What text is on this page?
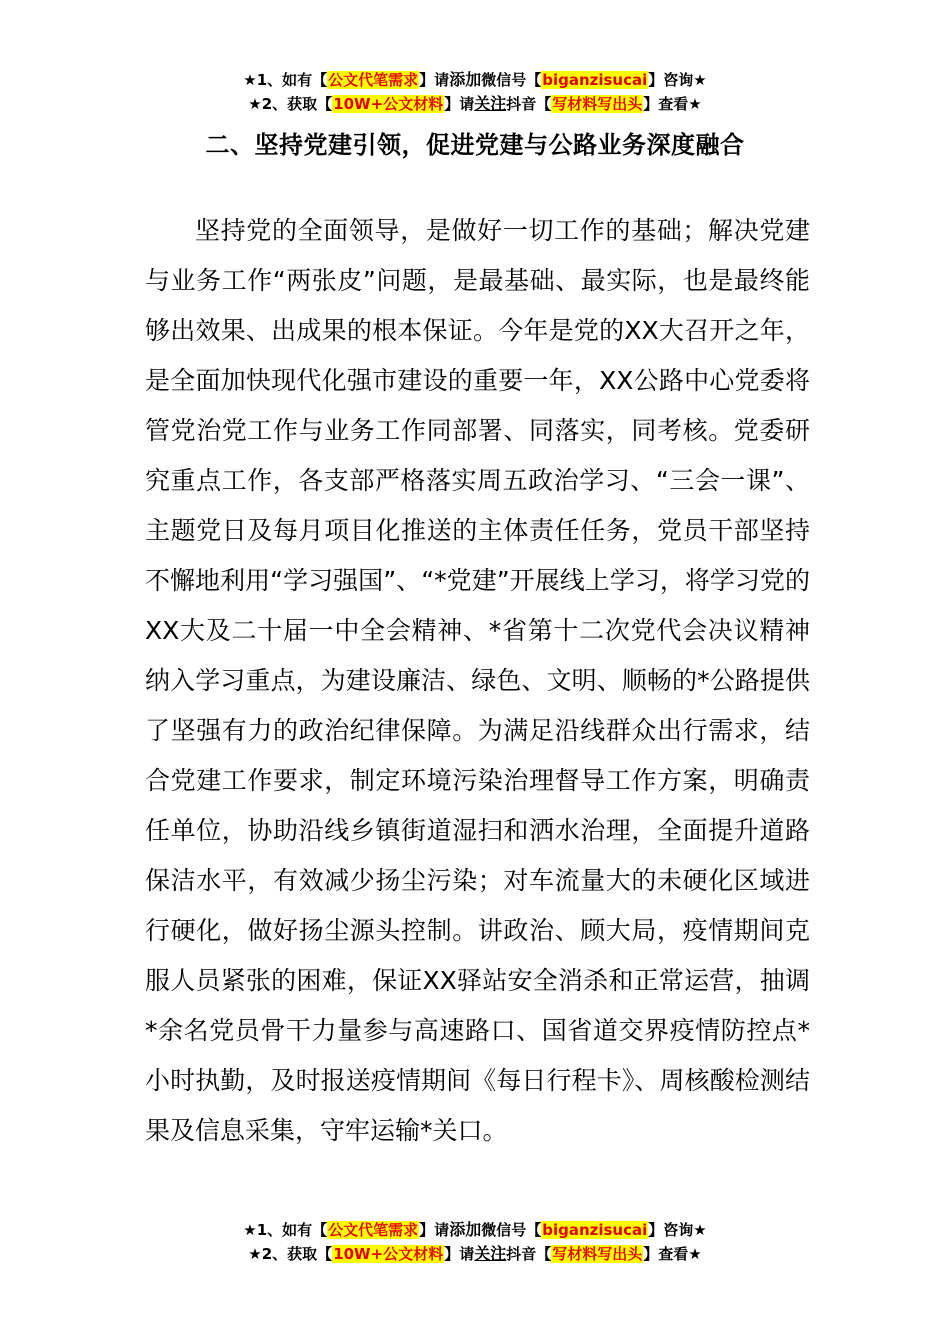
★1、如有【公文代笔需求】请添加微信号【biganzisucai】咨询★
★2、获取【10W+公文材料】请关注抖音【写材料写出头】查看★
二、坚持党建引领，促进党建与公路业务深度融合

坚持党的全面领导，是做好一切工作的基础；解决党建与业务工作“两张皮”问题，是最基础、最实际，也是最终能够出效果、出成果的根本保证。今年是党的XX大召开之年，是全面加快现代化强市建设的重要一年，XX公路中心党委将管党治党工作与业务工作同部署、同落实，同考核。党委研究重点工作，各支部严格落实周五政治学习、“三会一课”、主题党日及每月项目化推送的主体责任任务，党员干部坚持不懈地利用“学习强国”、“*党建”开展线上学习，将学习党的XX大及二十届一中全会精神、*省第十二次党代会决议精神纳入学习重点，为建设廉洁、绿色、文明、顺畅的*公路提供了坚强有力的政治纪律保障。为满足沿线群众出行需求，结合党建工作要求，制定环境污染治理督导工作方案，明确责任单位，协助沿线乡镇街道湿扫和洒水治理，全面提升道路保洁水平，有效减少扬尘污染；对车流量大的未硬化区域进行硬化，做好扬尘源头控制。讲政治、顾大局，疫情期间克服人员紧张的困难，保证XX驿站安全消杀和正常运营，抽调*余名党员骨干力量参与高速路口、国省道交界疫情防控点*小时执勤，及时报送疫情期间《每日行程卡》、周核酸检测结果及信息采集，守牢运输*关口。

★1、如有【公文代笔需求】请添加微信号【biganzisucai】咨询★
★2、获取【10W+公文材料】请关注抖音【写材料写出头】查看★
